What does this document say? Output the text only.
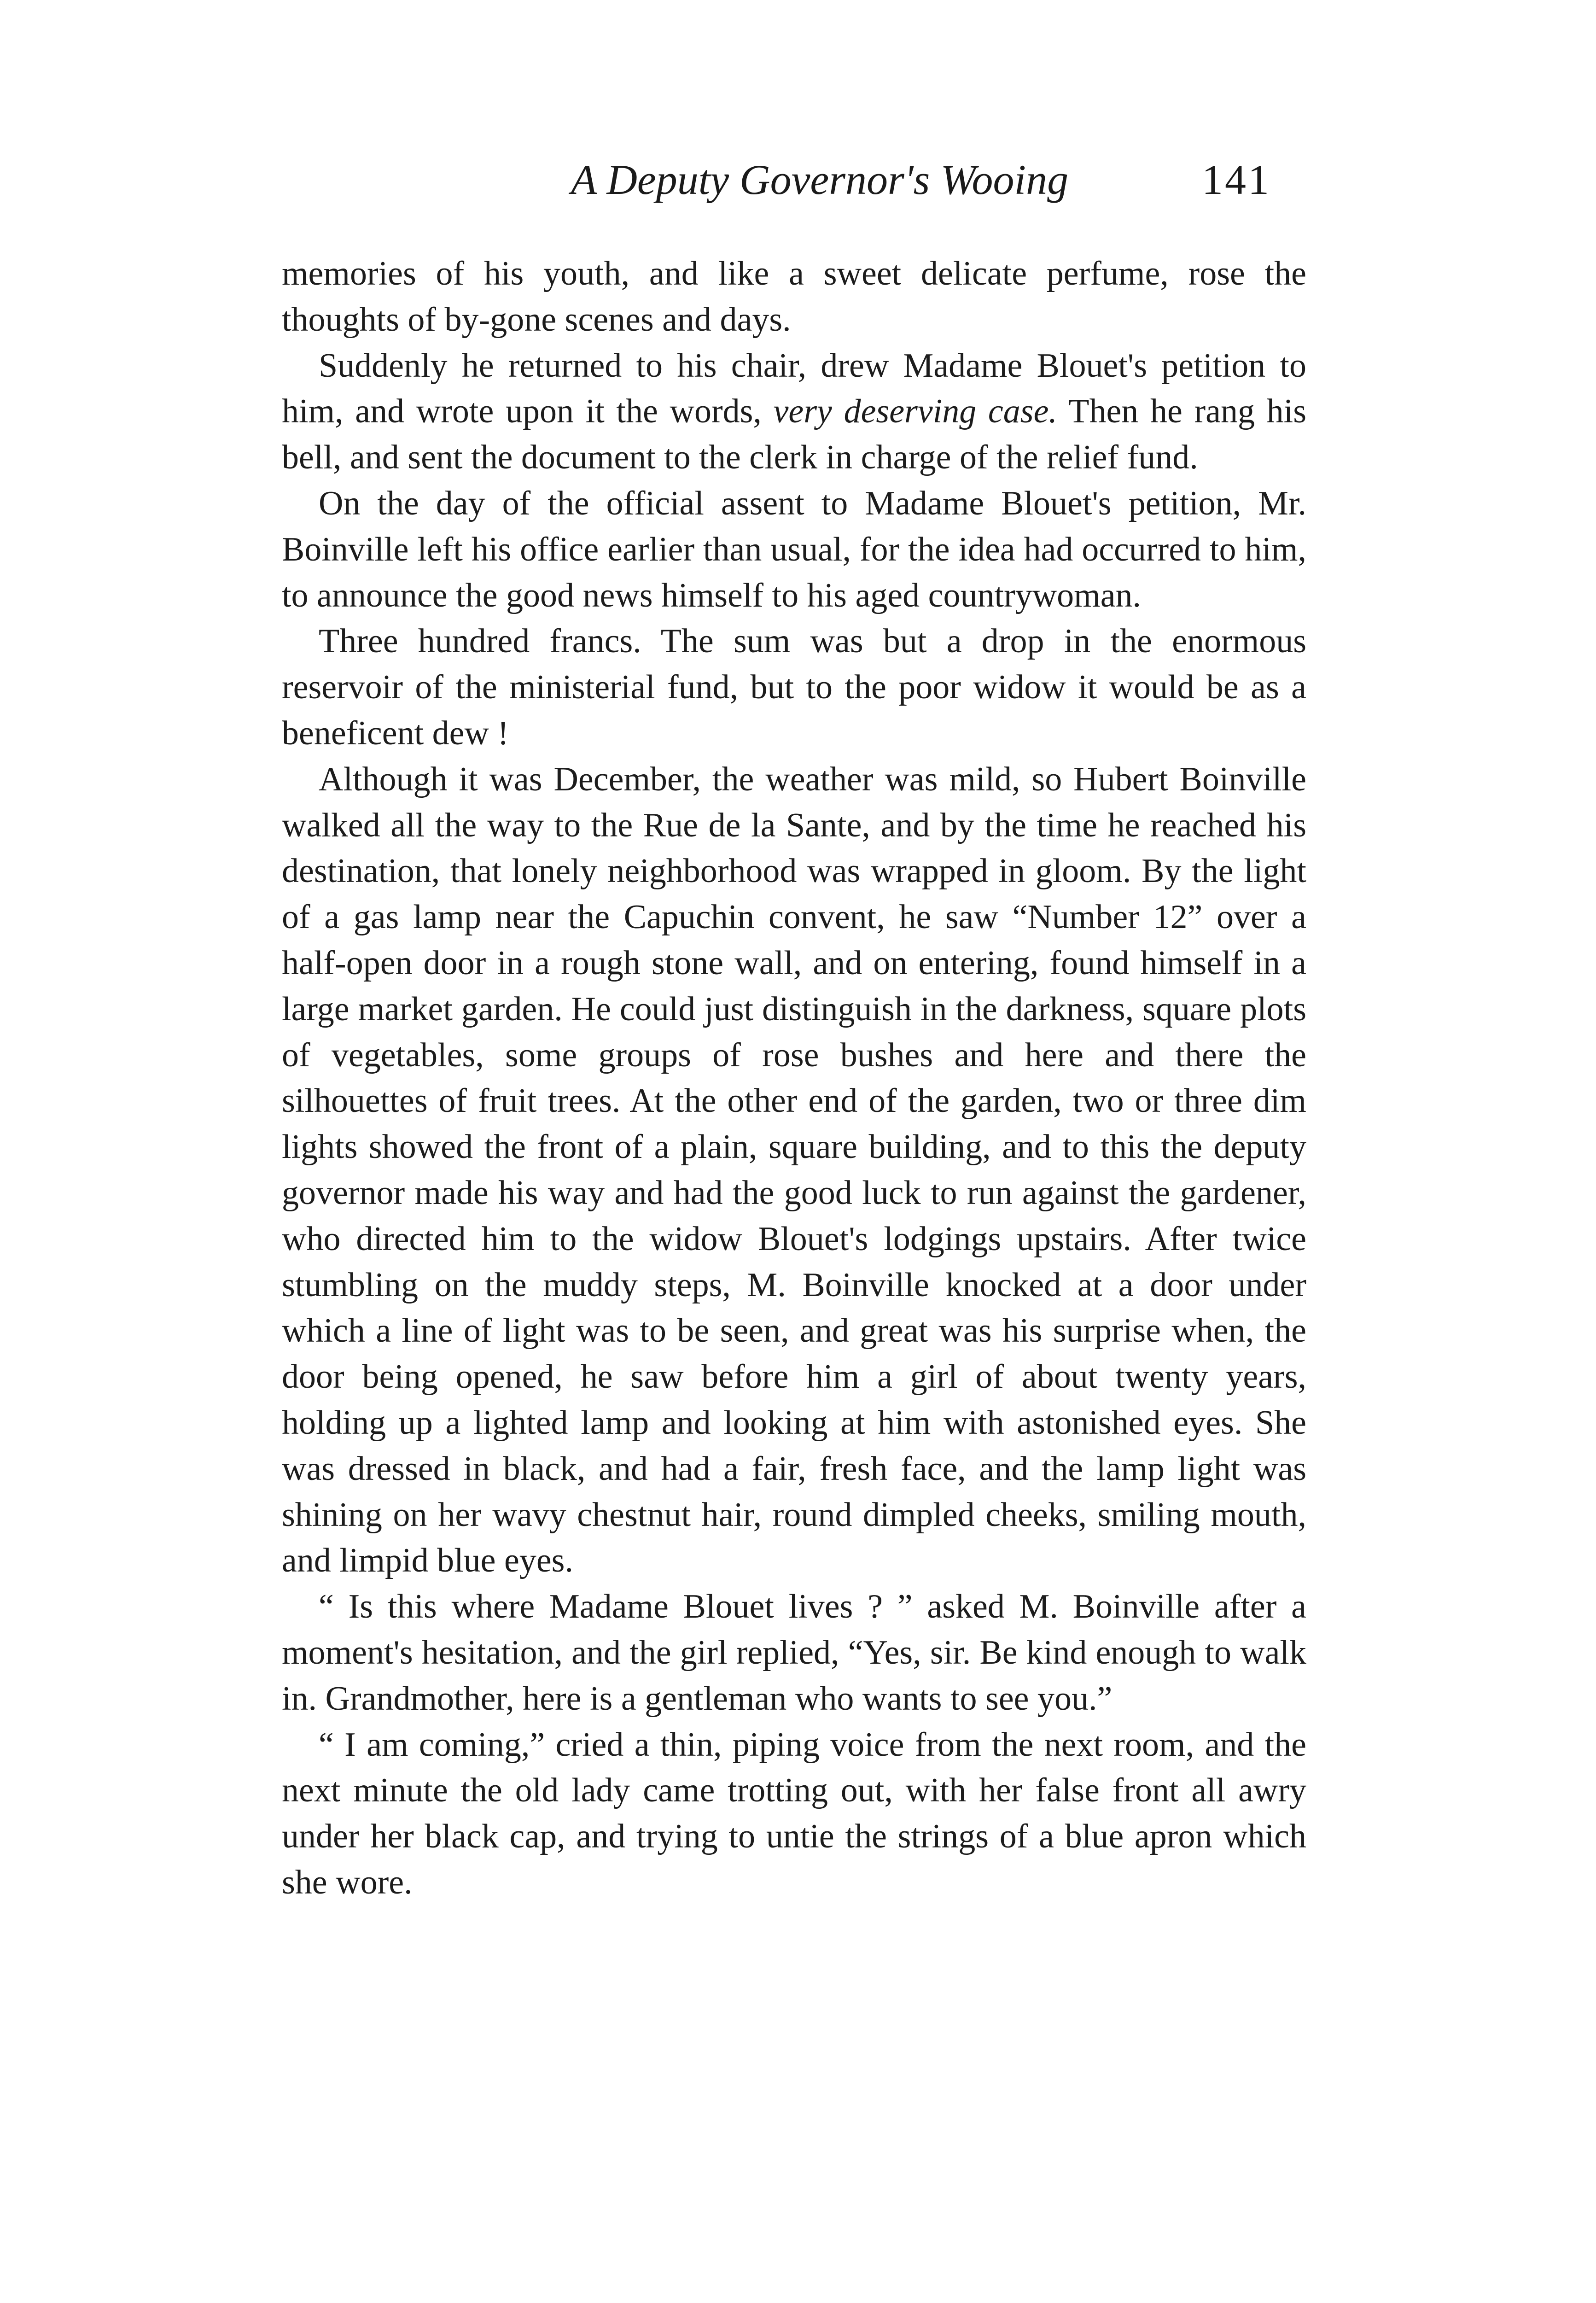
A Deputy Governor's Wooing	141

memories of his youth, and like a sweet delicate perfume, rose the thoughts of by-gone scenes and days.

Suddenly he returned to his chair, drew Madame Blouet's petition to him, and wrote upon it the words, very deserving case. Then he rang his bell, and sent the document to the clerk in charge of the relief fund.

On the day of the official assent to Madame Blouet's petition, Mr. Boinville left his office earlier than usual, for the idea had occurred to him, to announce the good news himself to his aged countrywoman.

Three hundred francs. The sum was but a drop in the enormous reservoir of the ministerial fund, but to the poor widow it would be as a beneficent dew !

Although it was December, the weather was mild, so Hubert Boinville walked all the way to the Rue de la Sante, and by the time he reached his destination, that lonely neighborhood was wrapped in gloom. By the light of a gas lamp near the Capuchin convent, he saw “Number 12” over a half-open door in a rough stone wall, and on entering, found himself in a large market garden. He could just distinguish in the darkness, square plots of vegetables, some groups of rose bushes and here and there the silhouettes of fruit trees. At the other end of the garden, two or three dim lights showed the front of a plain, square building, and to this the deputy governor made his way and had the good luck to run against the gardener, who directed him to the widow Blouet's lodgings upstairs. After twice stumbling on the muddy steps, M. Boinville knocked at a door under which a line of light was to be seen, and great was his surprise when, the door being opened, he saw before him a girl of about twenty years, holding up a lighted lamp and looking at him with astonished eyes. She was dressed in black, and had a fair, fresh face, and the lamp light was shining on her wavy chestnut hair, round dimpled cheeks, smiling mouth, and limpid blue eyes.

“ Is this where Madame Blouet lives ? ” asked M. Boinville after a moment's hesitation, and the girl replied, “Yes, sir. Be kind enough to walk in. Grandmother, here is a gentleman who wants to see you.”

“ I am coming,” cried a thin, piping voice from the next room, and the next minute the old lady came trotting out, with her false front all awry under her black cap, and trying to untie the strings of a blue apron which she wore.
